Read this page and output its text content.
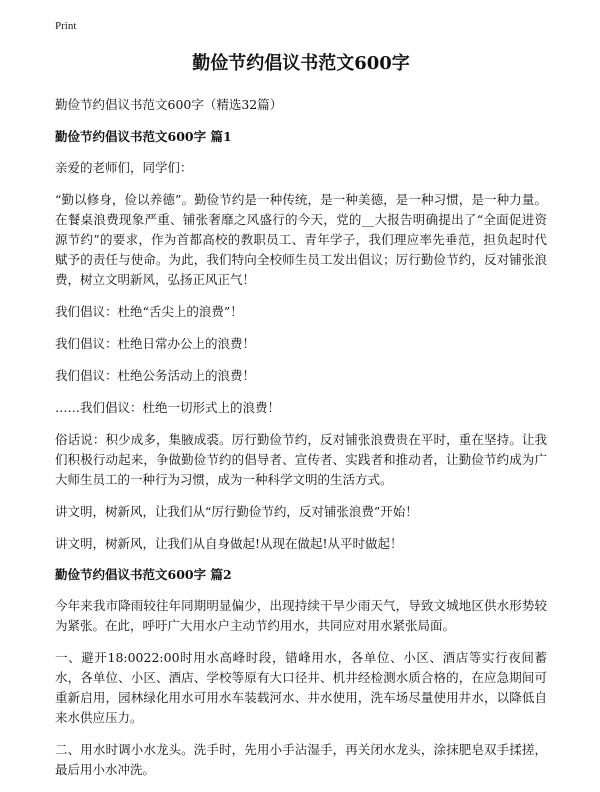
Print
勤俭节约倡议书范文600字
勤俭节约倡议书范文600字（精选32篇）
勤俭节约倡议书范文600字 篇1

亲爱的老师们，同学们：

“勤以修身，俭以养德”。勤俭节约是一种传统，是一种美德，是一种习惯，是一种力量。在餐桌浪费现象严重、铺张奢靡之风盛行的今天，党的__大报告明确提出了“全面促进资源节约”的要求，作为首都高校的教职员工、青年学子，我们理应率先垂范，担负起时代赋予的责任与使命。为此，我们特向全校师生员工发出倡议；厉行勤俭节约，反对铺张浪费，树立文明新风，弘扬正风正气！

我们倡议：杜绝“舌尖上的浪费”！

我们倡议：杜绝日常办公上的浪费！

我们倡议：杜绝公务活动上的浪费！

……我们倡议：杜绝一切形式上的浪费！

俗话说：积少成多，集腋成裘。厉行勤俭节约，反对铺张浪费贵在平时，重在坚持。让我们积极行动起来，争做勤俭节约的倡导者、宣传者、实践者和推动者，让勤俭节约成为广大师生员工的一种行为习惯，成为一种科学文明的生活方式。

讲文明，树新风，让我们从“厉行勤俭节约，反对铺张浪费”开始！

讲文明，树新风，让我们从自身做起!从现在做起!从平时做起！

勤俭节约倡议书范文600字 篇2

今年来我市降雨较往年同期明显偏少，出现持续干旱少雨天气，导致文城地区供水形势较为紧张。在此，呼吁广大用水户主动节约用水，共同应对用水紧张局面。

一、避开18:0022:00时用水高峰时段，错峰用水，各单位、小区、酒店等实行夜间蓄水，各单位、小区、酒店、学校等原有大口径井、机井经检测水质合格的，在应急期间可重新启用，园林绿化用水可用水车装载河水、井水使用，洗车场尽量使用井水，以降低自来水供应压力。

二、用水时调小水龙头。洗手时，先用小手沾湿手，再关闭水龙头，涂抹肥皂双手揉搓，最后用小水冲洗。
